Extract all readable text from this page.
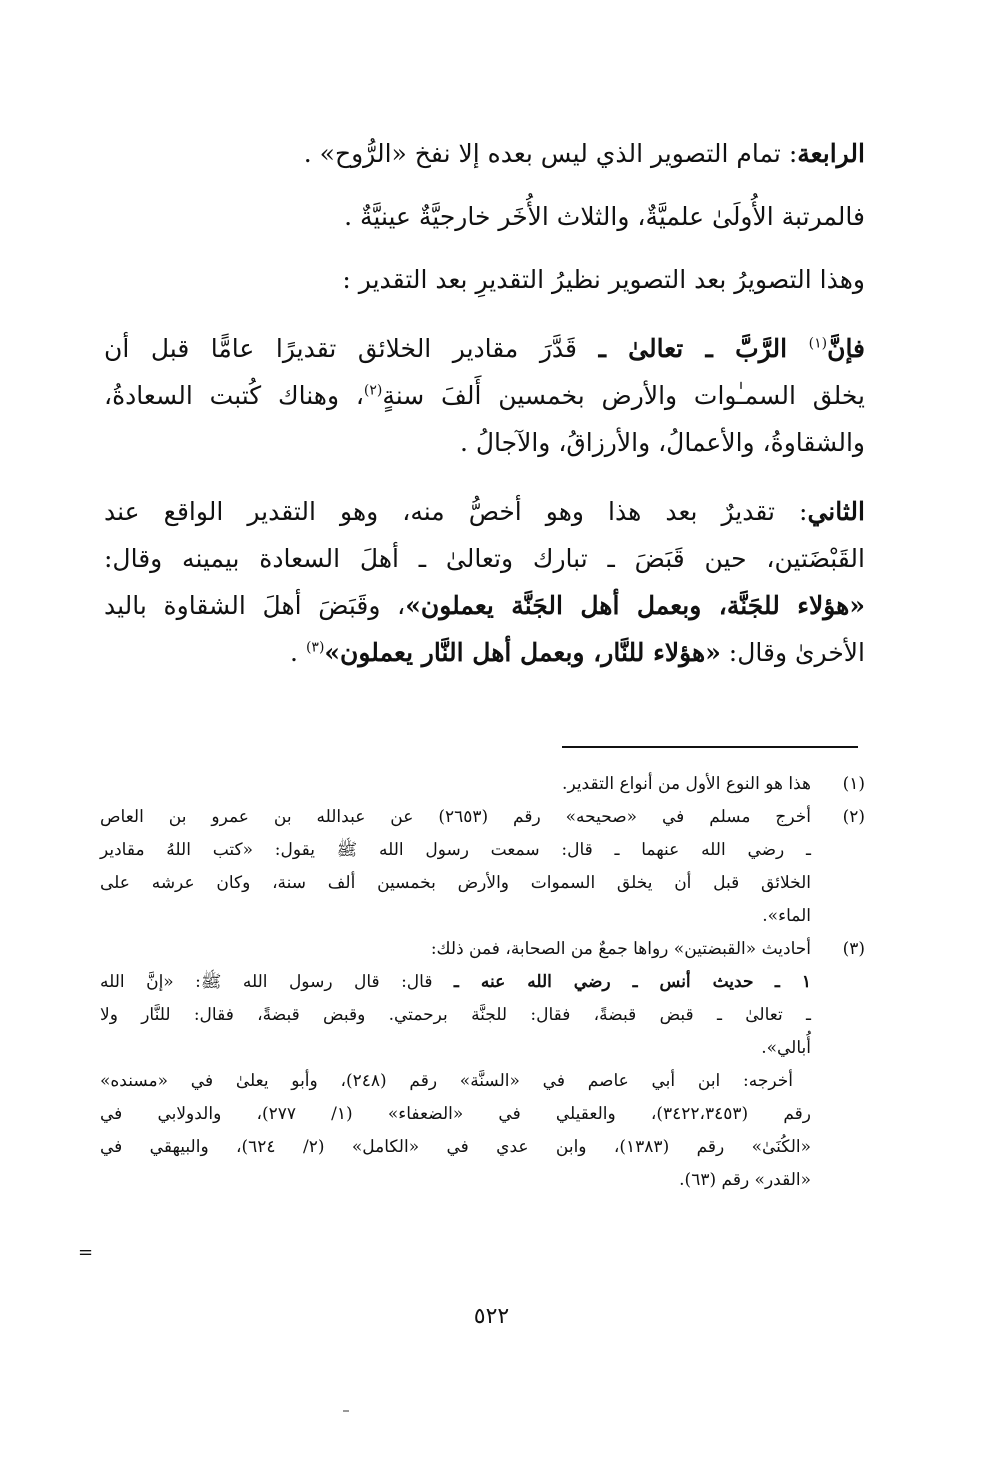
الرابعة: تمام التصوير الذي ليس بعده إلا نفخ «الرُّوح» .

فالمرتبة الأُولَىٰ علميَّةٌ، والثلاث الأُخَر خارجيَّةٌ عينيَّةٌ .

وهذا التصويرُ بعد التصوير نظيرُ التقديرِ بعد التقدير :

فإنَّ$^{(١)}$ الرَّبَّ ـ تعالىٰ ـ قَدَّرَ مقادير الخلائق تقديرًا عامًّا قبل أن

يخلق السمـٰوات والأرض بخمسين أَلفَ سنةٍ$^{(٢)}$، وهناك كُتبت السعادةُ،

والشقاوةُ، والأعمالُ، والأرزاقُ، والآجالُ .

الثاني: تقديرٌ بعد هذا وهو أخصُّ منه، وهو التقدير الواقع عند

القَبْضَتين، حين قَبَضَ ـ تبارك وتعالىٰ ـ أهلَ السعادة بيمينه وقال:

«هؤلاء للجَنَّة، وبعمل أهل الجَنَّة يعملون»، وقَبَضَ أهلَ الشقاوة باليد

الأخرىٰ وقال: «هؤلاء للنَّار، وبعمل أهل النَّار يعملون»$^{(٣)}$ .

(١)
هذا هو النوع الأول من أنواع التقدير.
(٢)
أخرج مسلم في «صحيحه» رقم (٢٦٥٣) عن عبدالله بن عمرو بن العاص
ـ رضي الله عنهما ـ قال: سمعت رسول الله ﷺ يقول: «كتب اللهُ مقادير
الخلائق قبل أن يخلق السموات والأرض بخمسين ألف سنة، وكان عرشه على
الماء».
(٣)
أحاديث «القبضتين» رواها جمعٌ من الصحابة، فمن ذلك:
١ ـ حديث أنس ـ رضي الله عنه ـ قال: قال رسول الله ﷺ: «إنَّ الله
ـ تعالىٰ ـ قبض قبضةً، فقال: للجنَّة برحمتي. وقبض قبضةً، فقال: للنَّار ولا
أُبالي».
أخرجه: ابن أبي عاصم في «السنَّة» رقم (٢٤٨)، وأبو يعلىٰ في «مسنده»
رقم (٣٤٢٢،٣٤٥٣)، والعقيلي في «الضعفاء» (١/ ٢٧٧)، والدولابي في
«الكُنَىٰ» رقم (١٣٨٣)، وابن عدي في «الكامل» (٢/ ٦٢٤)، والبيهقي في
«القدر» رقم (٦٣).
=
٥٢٢
